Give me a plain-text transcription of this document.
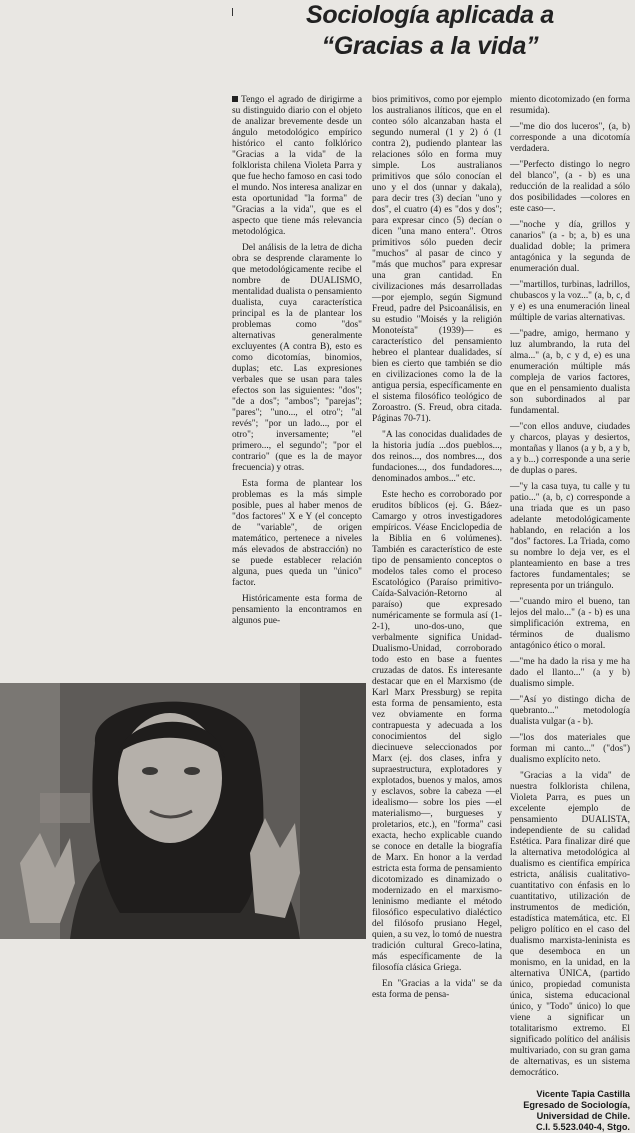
Sociología aplicada a
“Gracias a la vida”

Tengo el agrado de dirigirme a su distinguido diario con el objeto de analizar brevemente desde un ángulo metodológico empírico histórico el canto folklórico "Gracias a la vida" de la folklorista chilena Violeta Parra y que fue hecho famoso en casi todo el mundo. Nos interesa analizar en esta oportunidad "la forma" de "Gracias a la vida", que es el aspecto que tiene más relevancia metodológica.

Del análisis de la letra de dicha obra se desprende claramente lo que metodológicamente recibe el nombre de DUALISMO, mentalidad dualista o pensamiento dualista, cuya característica principal es la de plantear los problemas como "dos" alternativas generalmente excluyentes (A contra B), esto es como dicotomías, binomios, duplas; etc. Las expresiones verbales que se usan para tales efectos son las siguientes: "dos"; "de a dos"; "ambos"; "parejas"; "pares"; "uno..., el otro"; "al revés"; "por un lado..., por el otro"; inversamente; "el primero..., el segundo"; "por el contrario" (que es la de mayor frecuencia) y otras.

Esta forma de plantear los problemas es la más simple posible, pues al haber menos de "dos factores" X e Y (el concepto de "variable", de origen matemático, pertenece a niveles más elevados de abstracción) no se puede establecer relación alguna, pues queda un "único" factor.

Históricamente esta forma de pensamiento la encontramos en algunos pue-

bios primitivos, como por ejemplo los australianos ilíticos, que en el conteo sólo alcanzaban hasta el segundo numeral (1 y 2) ó (1 contra 2), pudiendo plantear las relaciones sólo en forma muy simple. Los australianos primitivos que sólo conocían el uno y el dos (unnar y dakala), para decir tres (3) decían "uno y dos", el cuatro (4) es "dos y dos"; para expresar cinco (5) decían o dicen "una mano entera". Otros primitivos sólo pueden decir "muchos" al pasar de cinco y "más que muchos" para expresar una gran cantidad. En civilizaciones más desarrolladas —por ejemplo, según Sigmund Freud, padre del Psicoanálisis, en su estudio "Moisés y la religión Monoteísta" (1939)— es característico del pensamiento hebreo el plantear dualidades, sí bien es cierto que también se dio en civilizaciones como la de la antigua persia, específicamente en el sistema filosófico teológico de Zoroastro. (S. Freud, obra citada. Páginas 70-71).

"A las conocidas dualidades de la historia judía ...dos pueblos..., dos reinos..., dos nombres..., dos fundaciones..., dos fundadores..., denominados ambos..." etc.

Este hecho es corroborado por eruditos bíblicos (ej. G. Báez-Camargo y otros investigadores empíricos. Véase Enciclopedia de la Biblia en 6 volúmenes). También es característico de este tipo de pensamiento conceptos o modelos tales como el proceso Escatológico (Paraíso primitivo-Caída-Salvación-Retorno al paraíso) que expresado numéricamente se formula así (1-2-1), uno-dos-uno, que verbalmente significa Unidad-Dualismo-Unidad, corroborado todo esto en base a fuentes cruzadas de datos. Es interesante destacar que en el Marxismo (de Karl Marx Pressburg) se repita esta forma de pensamiento, esta vez obviamente en forma contrapuesta y adecuada a los conocimientos del siglo diecinueve seleccionados por Marx (ej. dos clases, infra y supraestructura, explotadores y explotados, buenos y malos, amos y esclavos, sobre la cabeza —el idealismo— sobre los pies —el materialismo—, burgueses y proletarios, etc.), en "forma" casi exacta, hecho explicable cuando se conoce en detalle la biografía de Marx. En honor a la verdad estricta esta forma de pensamiento dicotomizado es dinamizado o modernizado en el marxismo-leninismo mediante el método filosófico especulativo dialéctico del filósofo prusiano Hegel, quien, a su vez, lo tomó de nuestra tradición cultural Greco-latina, más específicamente de la filosofía clásica Griega.

En "Gracias a la vida" se da esta forma de pensa-

miento dicotomizado (en forma resumida).

—"me dio dos luceros", (a, b) corresponde a una dicotomía verdadera.

—"Perfecto distingo lo negro del blanco", (a - b) es una reducción de la realidad a sólo dos posibilidades —colores en este caso—.

—"noche y día, grillos y canarios" (a - b; a, b) es una dualidad doble; la primera antagónica y la segunda de enumeración dual.

—"martillos, turbinas, ladrillos, chubascos y la voz..." (a, b, c, d y e) es una enumeración lineal múltiple de varias alternativas.

—"padre, amigo, hermano y luz alumbrando, la ruta del alma..." (a, b, c y d, e) es una enumeración múltiple más compleja de varios factores, que en el pensamiento dualista son subordinados al par fundamental.

—"con ellos anduve, ciudades y charcos, playas y desiertos, montañas y llanos (a y b, a y b, a y b...) corresponde a una serie de duplas o pares.

—"y la casa tuya, tu calle y tu patio..." (a, b, c) corresponde a una triada que es un paso adelante metodológicamente hablando, en relación a los "dos" factores. La Triada, como su nombre lo deja ver, es el planteamiento en base a tres factores fundamentales; se representa por un triángulo.

—"cuando miro el bueno, tan lejos del malo..." (a - b) es una simplificación extrema, en términos de dualismo antagónico ético o moral.

—"me ha dado la risa y me ha dado el llanto..." (a y b) dualismo simple.

—"Así yo distingo dicha de quebranto..." metodología dualista vulgar (a - b).

—"los dos materiales que forman mi canto..." ("dos") dualismo explícito neto.

"Gracias a la vida" de nuestra folklorista chilena, Violeta Parra, es pues un excelente ejemplo de pensamiento DUALISTA, independiente de su calidad Estética. Para finalizar diré que la alternativa metodológica al dualismo es científica empírica estricta, análisis cualitativo-cuantitativo con énfasis en lo cuantitativo, utilización de instrumentos de medición, estadística matemática, etc. El peligro político en el caso del dualismo marxista-leninista es que desemboca en un monismo, en la unidad, en la alternativa ÚNICA, (partido único, propiedad comunista única, sistema educacional único, y "Todo" único) lo que viene a significar un totalitarismo extremo. El significado político del análisis multivariado, con su gran gama de alternativas, es un sistema democrático.

Vicente Tapia Castilla
Egresado de Sociología,
Universidad de Chile.
C.I. 5.523.040-4, Stgo.
